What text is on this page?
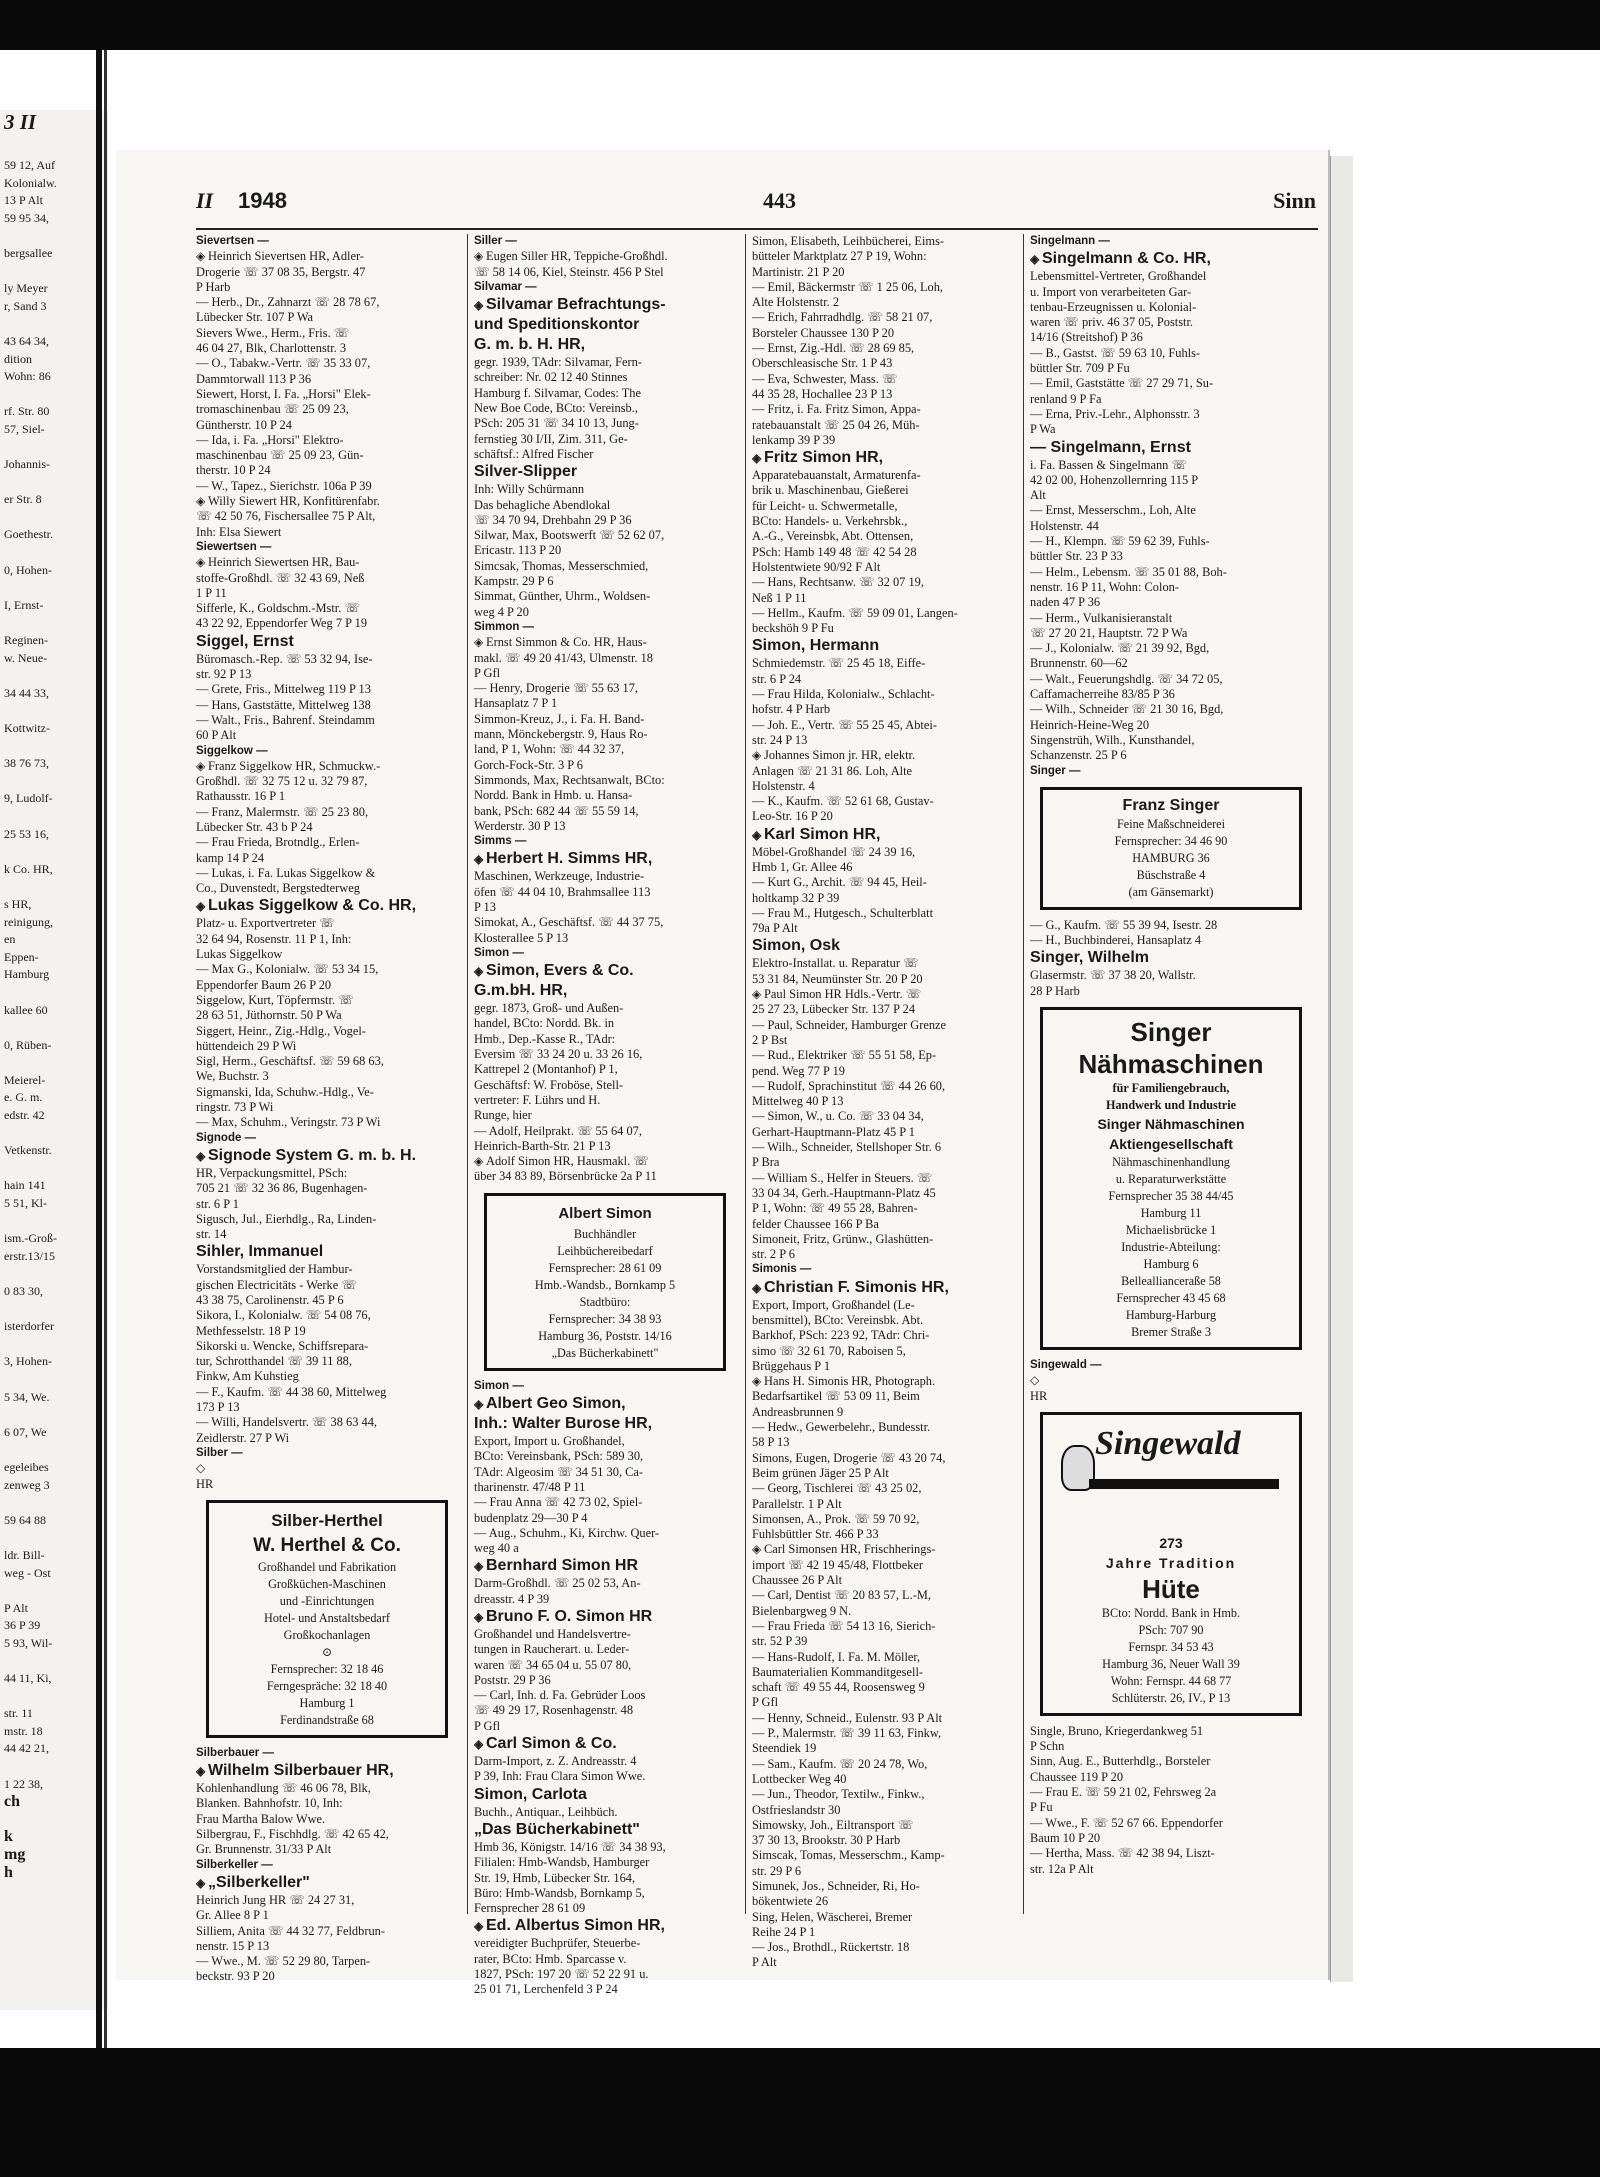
3 II
59 12, Auf
Kolonialw.
13 P Alt
59 95 34,

bergsallee

ly Meyer
r, Sand 3

43 64 34,
dition
Wohn: 86

rf. Str. 80
57, Siel-

Johannis-

er Str. 8

Goethestr.

0, Hohen-

I, Ernst-

Reginen-
w. Neue-

34 44 33,

Kottwitz-

38 76 73,

9, Ludolf-

25 53 16,

k Co. HR,

s HR,
reinigung,
en
Eppen-
Hamburg

kallee 60

0, Rüben-

Meierel-
e. G. m.
edstr. 42

Vetkenstr.

hain 141
5 51, Kl-

ism.-Groß-
erstr.13/15

0 83 30,

isterdorfer

3, Hohen-

5 34, We.

6 07, We

egeleibes
zenweg 3

59 64 88

ldr. Bill-
weg - Ost

P Alt
36 P 39
5 93, Wil-

44 11, Ki,

str. 11
mstr. 18
44 42 21,

1 22 38,
ch

k
mg
h
II 1948	443	Sinn
Sievertsen —
◈ Heinrich Sievertsen HR, Adler-
Drogerie ☏ 37 08 35, Bergstr. 47
P Harb
— Herb., Dr., Zahnarzt ☏ 28 78 67,
Lübecker Str. 107 P Wa
Sievers Wwe., Herm., Fris. ☏
46 04 27, Blk, Charlottenstr. 3
— O., Tabakw.-Vertr. ☏ 35 33 07,
Dammtorwall 113 P 36
Siewert, Horst, I. Fa. „Horsi" Elek-
tromaschinenbau ☏ 25 09 23,
Güntherstr. 10 P 24
— Ida, i. Fa. „Horsi" Elektro-
maschinenbau ☏ 25 09 23, Gün-
therstr. 10 P 24
— W., Tapez., Sierichstr. 106a P 39
◈ Willy Siewert HR, Konfitürenfabr.
☏ 42 50 76, Fischersallee 75 P Alt,
Inh: Elsa Siewert
Siewertsen —
◈ Heinrich Siewertsen HR, Bau-
stoffe-Großhdl. ☏ 32 43 69, Neß
1 P 11
Sifferle, K., Goldschm.-Mstr. ☏
43 22 92, Eppendorfer Weg 7 P 19
Siggel, Ernst
Büromasch.-Rep. ☏ 53 32 94, Ise-
str. 92 P 13
— Grete, Fris., Mittelweg 119 P 13
— Hans, Gaststätte, Mittelweg 138
— Walt., Fris., Bahrenf. Steindamm
60 P Alt
Siggelkow —
◈ Franz Siggelkow HR, Schmuckw.-
Großhdl. ☏ 32 75 12 u. 32 79 87,
Rathausstr. 16 P 1
— Franz, Malermstr. ☏ 25 23 80,
Lübecker Str. 43 b P 24
— Frau Frieda, Brotndlg., Erlen-
kamp 14 P 24
— Lukas, i. Fa. Lukas Siggelkow &
Co., Duvenstedt, Bergstedterweg
◈ Lukas Siggelkow & Co. HR,
Platz- u. Exportvertreter ☏
32 64 94, Rosenstr. 11 P 1, Inh:
Lukas Siggelkow
— Max G., Kolonialw. ☏ 53 34 15,
Eppendorfer Baum 26 P 20
Siggelow, Kurt, Töpfermstr. ☏
28 63 51, Jüthornstr. 50 P Wa
Siggert, Heinr., Zig.-Hdlg., Vogel-
hüttendeich 29 P Wi
Sigl, Herm., Geschäftsf. ☏ 59 68 63,
We, Buchstr. 3
Sigmanski, Ida, Schuhw.-Hdlg., Ve-
ringstr. 73 P Wi
— Max, Schuhm., Veringstr. 73 P Wi
Signode —
◈ Signode System G. m. b. H.
HR, Verpackungsmittel, PSch:
705 21 ☏ 32 36 86, Bugenhagen-
str. 6 P 1
Sigusch, Jul., Eierhdlg., Ra, Linden-
str. 14
Sihler, Immanuel
Vorstandsmitglied der Hambur-
gischen Electricitäts - Werke ☏
43 38 75, Carolinenstr. 45 P 6
Sikora, I., Kolonialw. ☏ 54 08 76,
Methfesselstr. 18 P 19
Sikorski u. Wencke, Schiffsrepara-
tur, Schrotthandel ☏ 39 11 88,
Finkw, Am Kuhstieg
— F., Kaufm. ☏ 44 38 60, Mittelweg
173 P 13
— Willi, Handelsvertr. ☏ 38 63 44,
Zeidlerstr. 27 P Wi
Silber —
◇
HR
Silber-Herthel
W. Herthel & Co.
Großhandel und Fabrikation
Großküchen-Maschinen
und -Einrichtungen
Hotel- und Anstaltsbedarf
Großkochanlagen
⊙
Fernsprecher: 32 18 46
Ferngespräche: 32 18 40
Hamburg 1
Ferdinandstraße 68
Silberbauer —
◈ Wilhelm Silberbauer HR,
Kohlenhandlung ☏ 46 06 78, Blk,
Blanken. Bahnhofstr. 10, Inh:
Frau Martha Balow Wwe.
Silbergrau, F., Fischhdlg. ☏ 42 65 42,
Gr. Brunnenstr. 31/33 P Alt
Silberkeller —
◈ „Silberkeller"
Heinrich Jung HR ☏ 24 27 31,
Gr. Allee 8 P 1
Silliem, Anita ☏ 44 32 77, Feldbrun-
nenstr. 15 P 13
— Wwe., M. ☏ 52 29 80, Tarpen-
beckstr. 93 P 20
Siller —
◈ Eugen Siller HR, Teppiche-Großhdl.
☏ 58 14 06, Kiel, Steinstr. 456 P Stel
Silvamar —
◈ Silvamar Befrachtungs-
und Speditionskontor
G. m. b. H. HR,
gegr. 1939, TAdr: Silvamar, Fern-
schreiber: Nr. 02 12 40 Stinnes
Hamburg f. Silvamar, Codes: The
New Boe Code, BCto: Vereinsb.,
PSch: 205 31 ☏ 34 10 13, Jung-
fernstieg 30 I/II, Zim. 311, Ge-
schäftsf.: Alfred Fischer
Silver-Slipper
Inh: Willy Schürmann
Das behagliche Abendlokal
☏ 34 70 94, Drehbahn 29 P 36
Silwar, Max, Bootswerft ☏ 52 62 07,
Ericastr. 113 P 20
Simcsak, Thomas, Messerschmied,
Kampstr. 29 P 6
Simmat, Günther, Uhrm., Woldsen-
weg 4 P 20
Simmon —
◈ Ernst Simmon & Co. HR, Haus-
makl. ☏ 49 20 41/43, Ulmenstr. 18
P Gfl
— Henry, Drogerie ☏ 55 63 17,
Hansaplatz 7 P 1
Simmon-Kreuz, J., i. Fa. H. Band-
mann, Mönckebergstr. 9, Haus Ro-
land, P 1, Wohn: ☏ 44 32 37,
Gorch-Fock-Str. 3 P 6
Simmonds, Max, Rechtsanwalt, BCto:
Nordd. Bank in Hmb. u. Hansa-
bank, PSch: 682 44 ☏ 55 59 14,
Werderstr. 30 P 13
Simms —
◈ Herbert H. Simms HR,
Maschinen, Werkzeuge, Industrie-
öfen ☏ 44 04 10, Brahmsallee 113
P 13
Simokat, A., Geschäftsf. ☏ 44 37 75,
Klosterallee 5 P 13
Simon —
◈ Simon, Evers & Co.
G.m.bH. HR,
gegr. 1873, Groß- und Außen-
handel, BCto: Nordd. Bk. in
Hmb., Dep.-Kasse R., TAdr:
Eversim ☏ 33 24 20 u. 33 26 16,
Kattrepel 2 (Montanhof) P 1,
Geschäftsf: W. Froböse, Stell-
vertreter: F. Lührs und H.
Runge, hier
— Adolf, Heilprakt. ☏ 55 64 07,
Heinrich-Barth-Str. 21 P 13
◈ Adolf Simon HR, Hausmakl. ☏
über 34 83 89, Börsenbrücke 2a P 11
Albert Simon
Buchhändler
Leihbüchereibedarf
Fernsprecher: 28 61 09
Hmb.-Wandsb., Bornkamp 5
Stadtbüro:
Fernsprecher: 34 38 93
Hamburg 36, Poststr. 14/16
„Das Bücherkabinett"
Simon —
◈ Albert Geo Simon,
Inh.: Walter Burose HR,
Export, Import u. Großhandel,
BCto: Vereinsbank, PSch: 589 30,
TAdr: Algeosim ☏ 34 51 30, Ca-
tharinenstr. 47/48 P 11
— Frau Anna ☏ 42 73 02, Spiel-
budenplatz 29—30 P 4
— Aug., Schuhm., Ki, Kirchw. Quer-
weg 40 a
◈ Bernhard Simon HR
Darm-Großhdl. ☏ 25 02 53, An-
dreasstr. 4 P 39
◈ Bruno F. O. Simon HR
Großhandel und Handelsvertre-
tungen in Raucherart. u. Leder-
waren ☏ 34 65 04 u. 55 07 80,
Poststr. 29 P 36
— Carl, Inh. d. Fa. Gebrüder Loos
☏ 49 29 17, Rosenhagenstr. 48
P Gfl
◈ Carl Simon & Co.
Darm-Import, z. Z. Andreasstr. 4
P 39, Inh: Frau Clara Simon Wwe.
Simon, Carlota
Buchh., Antiquar., Leihbüch.
„Das Bücherkabinett"
Hmb 36, Königstr. 14/16 ☏ 34 38 93,
Filialen: Hmb-Wandsb, Hamburger
Str. 19, Hmb, Lübecker Str. 164,
Büro: Hmb-Wandsb, Bornkamp 5,
Fernsprecher 28 61 09
◈ Ed. Albertus Simon HR,
vereidigter Buchprüfer, Steuerbe-
rater, BCto: Hmb. Sparcasse v.
1827, PSch: 197 20 ☏ 52 22 91 u.
25 01 71, Lerchenfeld 3 P 24
Simon, Elisabeth, Leihbücherei, Eims-
bütteler Marktplatz 27 P 19, Wohn:
Martinistr. 21 P 20
— Emil, Bäckermstr ☏ 1 25 06, Loh,
Alte Holstenstr. 2
— Erich, Fahrradhdlg. ☏ 58 21 07,
Borsteler Chaussee 130 P 20
— Ernst, Zig.-Hdl. ☏ 28 69 85,
Oberschleasische Str. 1 P 43
— Eva, Schwester, Mass. ☏
44 35 28, Hochallee 23 P 13
— Fritz, i. Fa. Fritz Simon, Appa-
ratebauanstalt ☏ 25 04 26, Müh-
lenkamp 39 P 39
◈ Fritz Simon HR,
Apparatebauanstalt, Armaturenfa-
brik u. Maschinenbau, Gießerei
für Leicht- u. Schwermetalle,
BCto: Handels- u. Verkehrsbk.,
A.-G., Vereinsbk, Abt. Ottensen,
PSch: Hamb 149 48 ☏ 42 54 28
Holstentwiete 90/92 F Alt
— Hans, Rechtsanw. ☏ 32 07 19,
Neß 1 P 11
— Hellm., Kaufm. ☏ 59 09 01, Langen-
beckshöh 9 P Fu
Simon, Hermann
Schmiedemstr. ☏ 25 45 18, Eiffe-
str. 6 P 24
— Frau Hilda, Kolonialw., Schlacht-
hofstr. 4 P Harb
— Joh. E., Vertr. ☏ 55 25 45, Abtei-
str. 24 P 13
◈ Johannes Simon jr. HR, elektr.
Anlagen ☏ 21 31 86. Loh, Alte
Holstenstr. 4
— K., Kaufm. ☏ 52 61 68, Gustav-
Leo-Str. 16 P 20
◈ Karl Simon HR,
Möbel-Großhandel ☏ 24 39 16,
Hmb 1, Gr. Allee 46
— Kurt G., Archit. ☏ 94 45, Heil-
holtkamp 32 P 39
— Frau M., Hutgesch., Schulterblatt
79a P Alt
Simon, Osk
Elektro-Installat. u. Reparatur ☏
53 31 84, Neumünster Str. 20 P 20
◈ Paul Simon HR Hdls.-Vertr. ☏
25 27 23, Lübecker Str. 137 P 24
— Paul, Schneider, Hamburger Grenze
2 P Bst
— Rud., Elektriker ☏ 55 51 58, Ep-
pend. Weg 77 P 19
— Rudolf, Sprachinstitut ☏ 44 26 60,
Mittelweg 40 P 13
— Simon, W., u. Co. ☏ 33 04 34,
Gerhart-Hauptmann-Platz 45 P 1
— Wilh., Schneider, Stellshoper Str. 6
P Bra
— William S., Helfer in Steuers. ☏
33 04 34, Gerh.-Hauptmann-Platz 45
P 1, Wohn: ☏ 49 55 28, Bahren-
felder Chaussee 166 P Ba
Simoneit, Fritz, Grünw., Glashütten-
str. 2 P 6
Simonis —
◈ Christian F. Simonis HR,
Export, Import, Großhandel (Le-
bensmittel), BCto: Vereinsbk. Abt.
Barkhof, PSch: 223 92, TAdr: Chri-
simo ☏ 32 61 70, Raboisen 5,
Brüggehaus P 1
◈ Hans H. Simonis HR, Photograph.
Bedarfsartikel ☏ 53 09 11, Beim
Andreasbrunnen 9
— Hedw., Gewerbelehr., Bundesstr.
58 P 13
Simons, Eugen, Drogerie ☏ 43 20 74,
Beim grünen Jäger 25 P Alt
— Georg, Tischlerei ☏ 43 25 02,
Parallelstr. 1 P Alt
Simonsen, A., Prok. ☏ 59 70 92,
Fuhlsbüttler Str. 466 P 33
◈ Carl Simonsen HR, Frischherings-
import ☏ 42 19 45/48, Flottbeker
Chaussee 26 P Alt
— Carl, Dentist ☏ 20 83 57, L.-M,
Bielenbargweg 9 N.
— Frau Frieda ☏ 54 13 16, Sierich-
str. 52 P 39
— Hans-Rudolf, I. Fa. M. Möller,
Baumaterialien Kommanditgesell-
schaft ☏ 49 55 44, Roosensweg 9
P Gfl
— Henny, Schneid., Eulenstr. 93 P Alt
— P., Malermstr. ☏ 39 11 63, Finkw,
Steendiek 19
— Sam., Kaufm. ☏ 20 24 78, Wo,
Lottbecker Weg 40
— Jun., Theodor, Textilw., Finkw.,
Ostfrieslandstr 30
Simowsky, Joh., Eiltransport ☏
37 30 13, Brookstr. 30 P Harb
Simscak, Tomas, Messerschm., Kamp-
str. 29 P 6
Simunek, Jos., Schneider, Ri, Ho-
bökentwiete 26
Sing, Helen, Wäscherei, Bremer
Reihe 24 P 1
— Jos., Brothdl., Rückertstr. 18
P Alt
Singelmann —
◈ Singelmann & Co. HR,
Lebensmittel-Vertreter, Großhandel
u. Import von verarbeiteten Gar-
tenbau-Erzeugnissen u. Kolonial-
waren ☏ priv. 46 37 05, Poststr.
14/16 (Streitshof) P 36
— B., Gastst. ☏ 59 63 10, Fuhls-
büttler Str. 709 P Fu
— Emil, Gaststätte ☏ 27 29 71, Su-
renland 9 P Fa
— Erna, Priv.-Lehr., Alphonsstr. 3
P Wa
— Singelmann, Ernst
i. Fa. Bassen & Singelmann ☏
42 02 00, Hohenzollernring 115 P
Alt
— Ernst, Messerschm., Loh, Alte
Holstenstr. 44
— H., Klempn. ☏ 59 62 39, Fuhls-
büttler Str. 23 P 33
— Helm., Lebensm. ☏ 35 01 88, Boh-
nenstr. 16 P 11, Wohn: Colon-
naden 47 P 36
— Herm., Vulkanisieranstalt
☏ 27 20 21, Hauptstr. 72 P Wa
— J., Kolonialw. ☏ 21 39 92, Bgd,
Brunnenstr. 60—62
— Walt., Feuerungshdlg. ☏ 34 72 05,
Caffamacherreihe 83/85 P 36
— Wilh., Schneider ☏ 21 30 16, Bgd,
Heinrich-Heine-Weg 20
Singenstrüh, Wilh., Kunsthandel,
Schanzenstr. 25 P 6
Singer —
Franz Singer
Feine Maßschneiderei
Fernsprecher: 34 46 90
HAMBURG 36
Büschstraße 4
(am Gänsemarkt)
— G., Kaufm. ☏ 55 39 94, Isestr. 28
— H., Buchbinderei, Hansaplatz 4
Singer, Wilhelm
Glasermstr. ☏ 37 38 20, Wallstr.
28 P Harb
Singer
Nähmaschinen
für Familiengebrauch,
Handwerk und Industrie
Singer Nähmaschinen
Aktiengesellschaft
Nähmaschinenhandlung
u. Reparaturwerkstätte
Fernsprecher 35 38 44/45
Hamburg 11
Michaelisbrücke 1
Industrie-Abteilung:
Hamburg 6
Belleallianceraße 58
Fernsprecher 43 45 68
Hamburg-Harburg
Bremer Straße 3
Singewald —
◇
HR
Singewald
273
Jahre Tradition
Hüte
BCto: Nordd. Bank in Hmb.
PSch: 707 90
Fernspr. 34 53 43
Hamburg 36, Neuer Wall 39
Wohn: Fernspr. 44 68 77
Schlüterstr. 26, IV., P 13
Single, Bruno, Kriegerdankweg 51
P Schn
Sinn, Aug. E., Butterhdlg., Borsteler
Chaussee 119 P 20
— Frau E. ☏ 59 21 02, Fehrsweg 2a
P Fu
— Wwe., F. ☏ 52 67 66. Eppendorfer
Baum 10 P 20
— Hertha, Mass. ☏ 42 38 94, Liszt-
str. 12a P Alt
